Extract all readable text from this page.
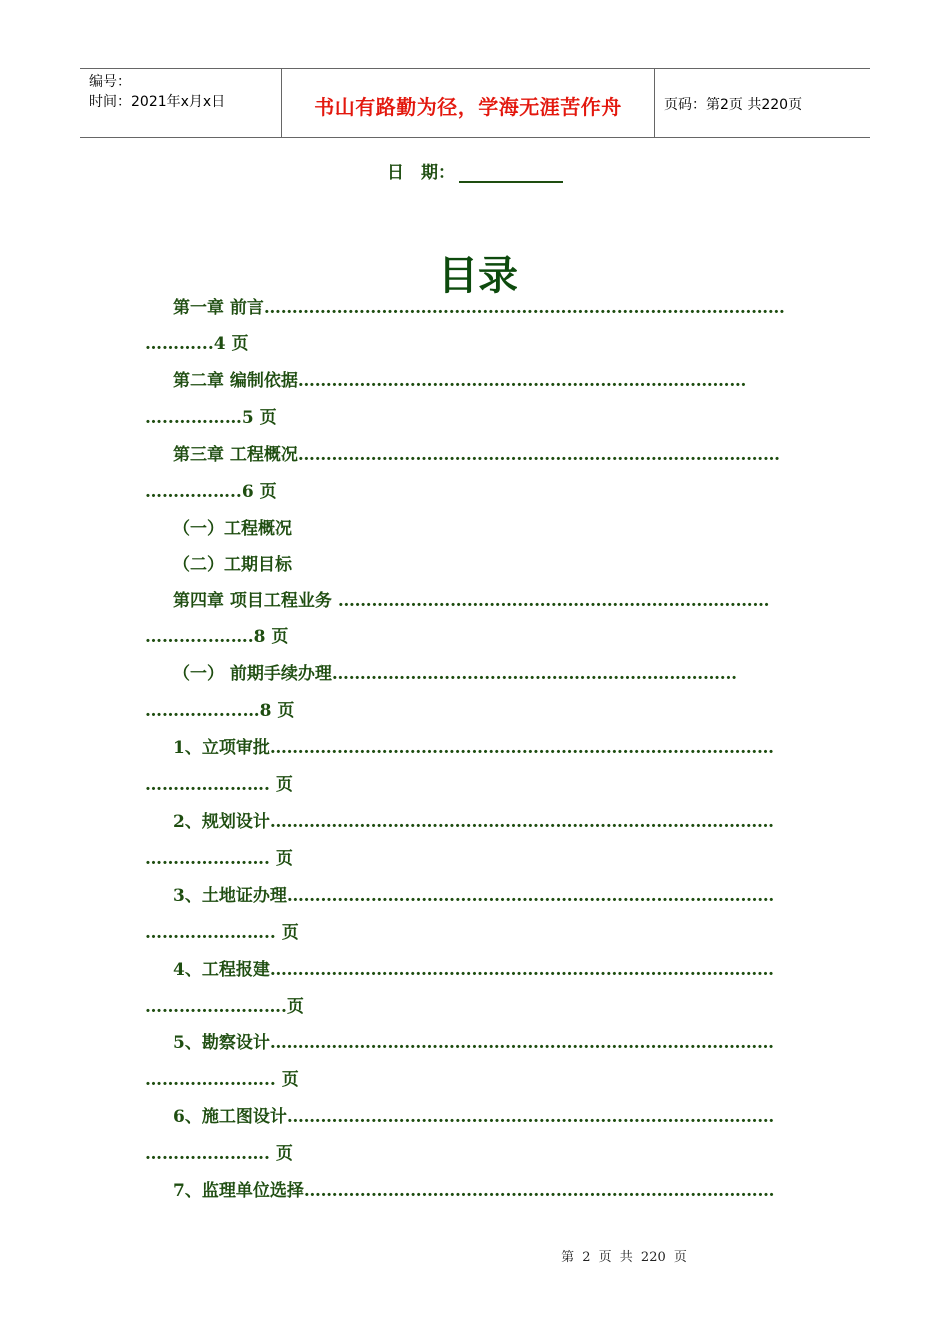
编号：
时间：2021年x月x日	书山有路勤为径，学海无涯苦作舟	页码：第2页 共220页
日　期：
目录
第一章 前言…………………………………………………………………………………
………...4 页
第二章 编制依据…………………………………………………..…………………
…..…………5 页
第三章 工程概况………………………………………………..…………………………
……………..6 页
（一）工程概况
（二）工期目标
第四章 项目工程业务 ……………..……………………………………………………
………...…….8 页
（一） 前期手续办理……….………...........…………………………………...
………….....…8 页
1、立项审批………………………………………………………………………………
…………………. 页
2、规划设计………………………………………………………………………………
…………………. 页
3、土地证办理……………………………………………………………………………
………………….. 页
4、工程报建………………………………………………………………………………
…………………….页
5、勘察设计………………………………………………………………………………
………………….. 页
6、施工图设计……………………………………………………………………………
…………………. 页
7、监理单位选择…………………………………………………………………………
第 2 页 共 220 页
